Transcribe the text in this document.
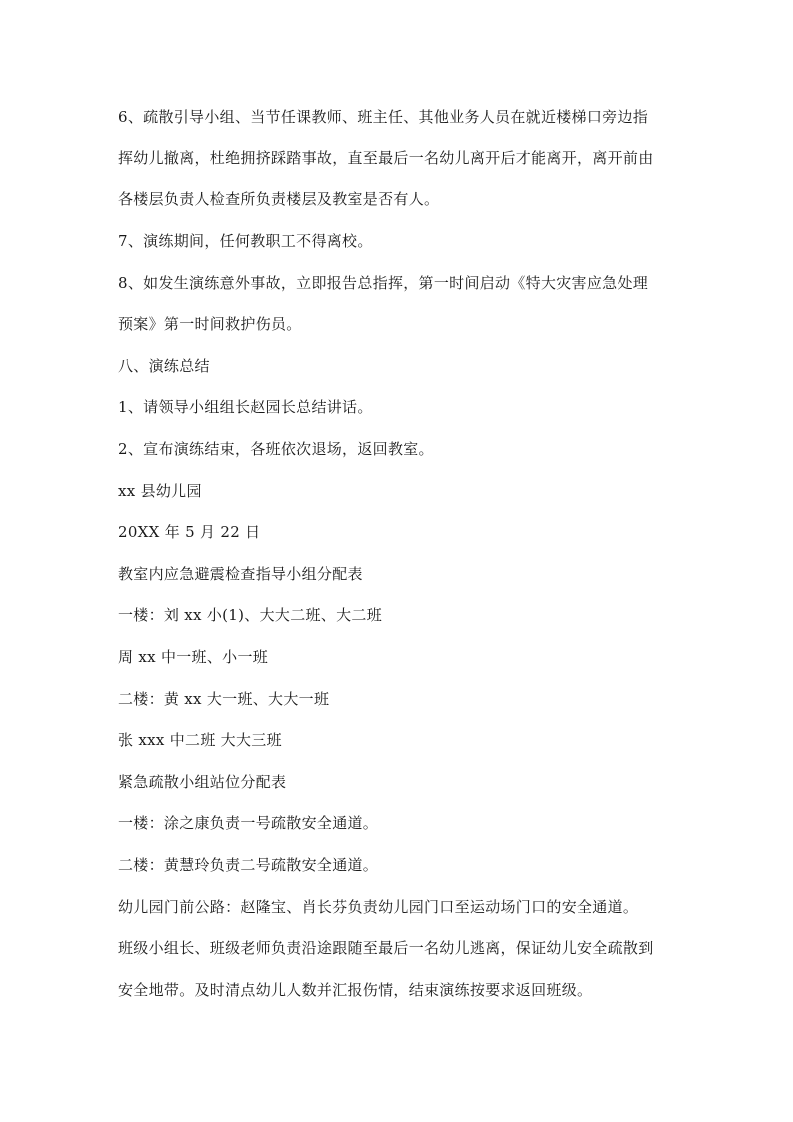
6、疏散引导小组、当节任课教师、班主任、其他业务人员在就近楼梯口旁边指
挥幼儿撤离，杜绝拥挤踩踏事故，直至最后一名幼儿离开后才能离开，离开前由
各楼层负责人检查所负责楼层及教室是否有人。
7、演练期间，任何教职工不得离校。
8、如发生演练意外事故，立即报告总指挥，第一时间启动《特大灾害应急处理
预案》第一时间救护伤员。
八、演练总结
1、请领导小组组长赵园长总结讲话。
2、宣布演练结束，各班依次退场，返回教室。
xx 县幼儿园
20XX 年 5 月 22 日
教室内应急避震检查指导小组分配表
一楼：刘 xx 小(1)、大大二班、大二班
周 xx 中一班、小一班
二楼：黄 xx 大一班、大大一班
张 xxx 中二班 大大三班
紧急疏散小组站位分配表
一楼：涂之康负责一号疏散安全通道。
二楼：黄慧玲负责二号疏散安全通道。
幼儿园门前公路：赵隆宝、肖长芬负责幼儿园门口至运动场门口的安全通道。
班级小组长、班级老师负责沿途跟随至最后一名幼儿逃离，保证幼儿安全疏散到
安全地带。及时清点幼儿人数并汇报伤情，结束演练按要求返回班级。
